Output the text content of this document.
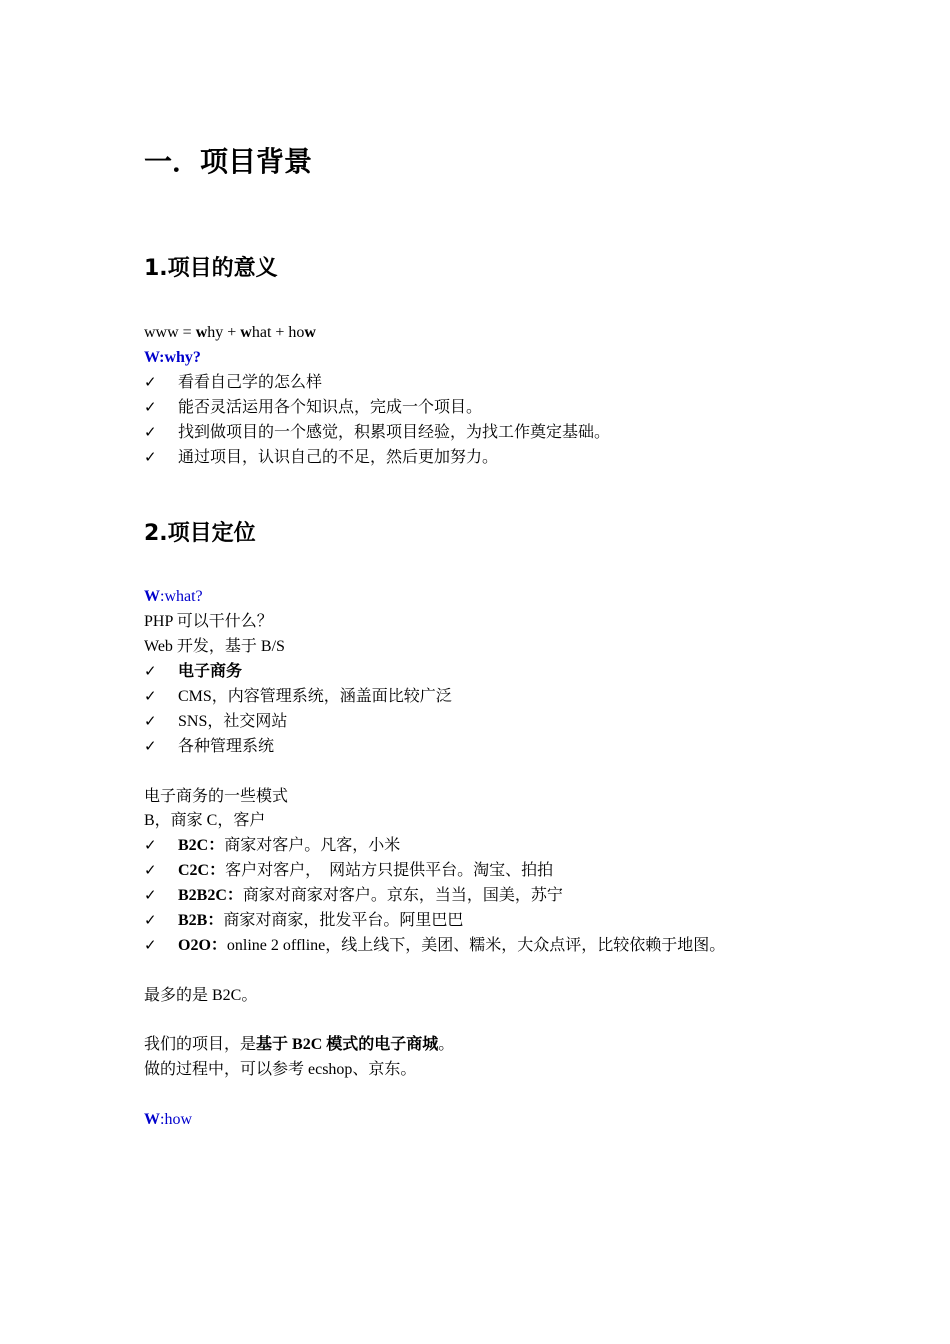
一．项目背景
1.项目的意义
www = why + what + how
W:why?
✓ 看看自己学的怎么样
✓ 能否灵活运用各个知识点，完成一个项目。
✓ 找到做项目的一个感觉，积累项目经验，为找工作奠定基础。
✓ 通过项目，认识自己的不足，然后更加努力。
2.项目定位
W:what?
PHP 可以干什么？
Web 开发，基于 B/S
✓ 电子商务
✓ CMS，内容管理系统，涵盖面比较广泛
✓ SNS，社交网站
✓ 各种管理系统
电子商务的一些模式
B，商家 C，客户
✓ B2C：商家对客户。凡客，小米
✓ C2C：客户对客户，  网站方只提供平台。淘宝、拍拍
✓ B2B2C：商家对商家对客户。京东，当当，国美，苏宁
✓ B2B：商家对商家，批发平台。阿里巴巴
✓ O2O：online 2 offline，线上线下，美团、糯米，大众点评，比较依赖于地图。
最多的是 B2C。
我们的项目，是基于 B2C 模式的电子商城。
做的过程中，可以参考 ecshop、京东。
W:how
